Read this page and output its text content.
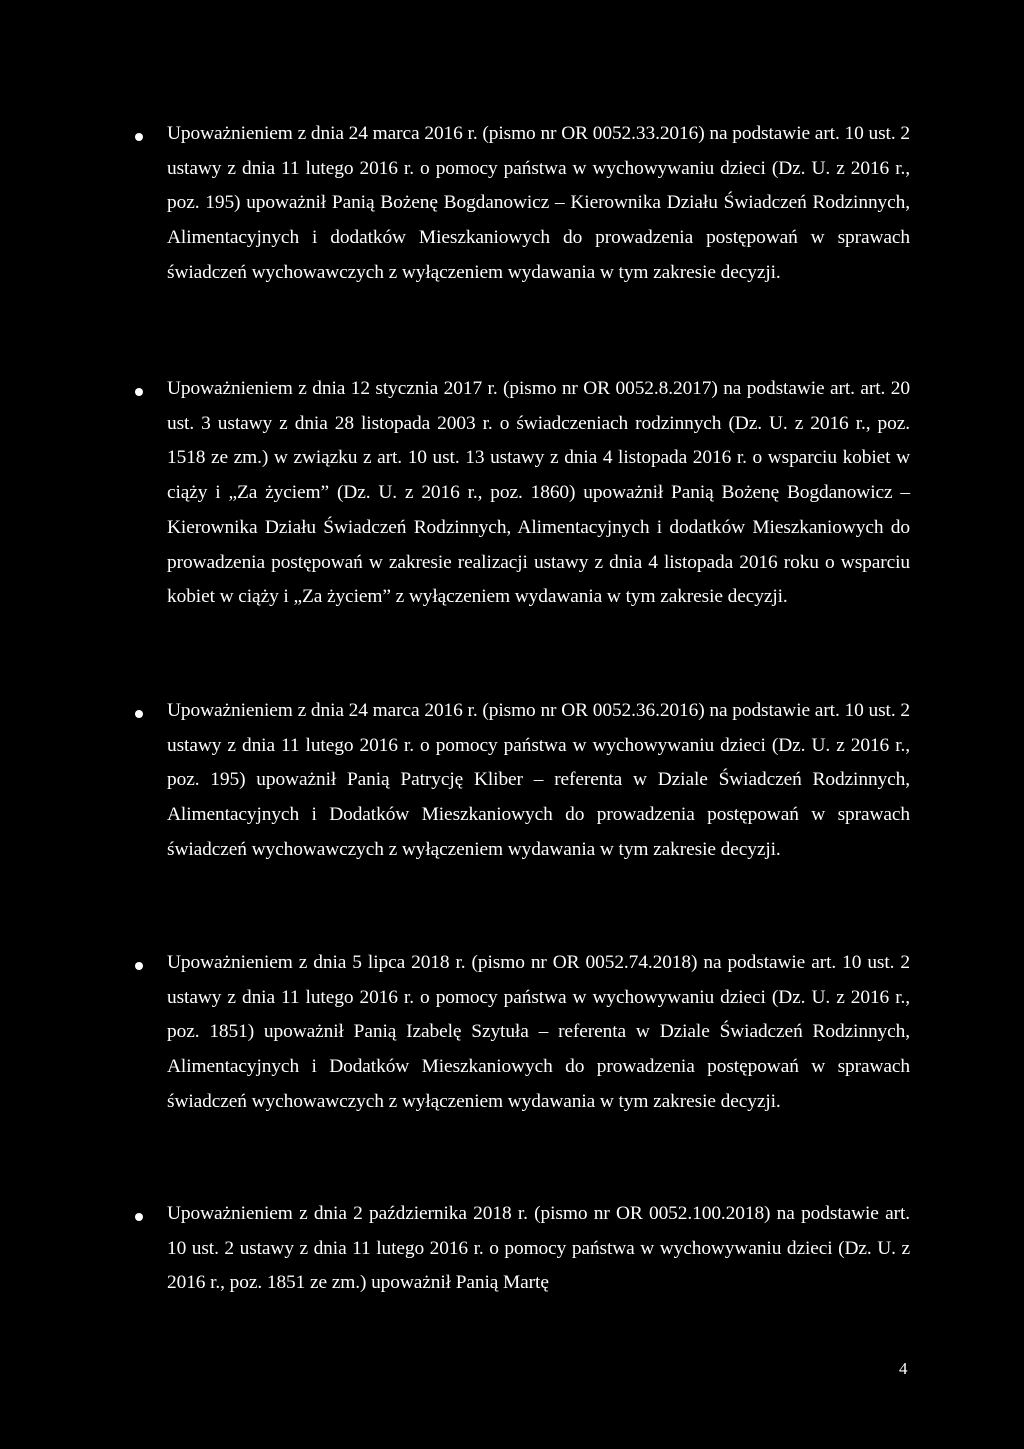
Upoważnieniem z dnia 24 marca 2016 r. (pismo nr OR 0052.33.2016) na podstawie art. 10 ust. 2 ustawy z dnia 11 lutego 2016 r. o pomocy państwa w wychowywaniu dzieci (Dz. U. z 2016 r., poz. 195) upoważnił Panią Bożenę Bogdanowicz – Kierownika Działu Świadczeń Rodzinnych, Alimentacyjnych i dodatków Mieszkaniowych do prowadzenia postępowań w sprawach świadczeń wychowawczych z wyłączeniem wydawania w tym zakresie decyzji.

Upoważnieniem z dnia 12 stycznia 2017 r. (pismo nr OR 0052.8.2017) na podstawie art. art. 20 ust. 3 ustawy z dnia 28 listopada 2003 r. o świadczeniach rodzinnych (Dz. U. z 2016 r., poz. 1518 ze zm.) w związku z art. 10 ust. 13 ustawy z dnia 4 listopada 2016 r. o wsparciu kobiet w ciąży i „Za życiem” (Dz. U. z 2016 r., poz. 1860) upoważnił Panią Bożenę Bogdanowicz – Kierownika Działu Świadczeń Rodzinnych, Alimentacyjnych i dodatków Mieszkaniowych do prowadzenia postępowań w zakresie realizacji ustawy z dnia 4 listopada 2016 roku o wsparciu kobiet w ciąży i „Za życiem” z wyłączeniem wydawania w tym zakresie decyzji.

Upoważnieniem z dnia 24 marca 2016 r. (pismo nr OR 0052.36.2016) na podstawie art. 10 ust. 2 ustawy z dnia 11 lutego 2016 r. o pomocy państwa w wychowywaniu dzieci (Dz. U. z 2016 r., poz. 195) upoważnił Panią Patrycję Kliber – referenta w Dziale Świadczeń Rodzinnych, Alimentacyjnych i Dodatków Mieszkaniowych do prowadzenia postępowań w sprawach świadczeń wychowawczych z wyłączeniem wydawania w tym zakresie decyzji.

Upoważnieniem z dnia 5 lipca 2018 r. (pismo nr OR 0052.74.2018) na podstawie art. 10 ust. 2 ustawy z dnia 11 lutego 2016 r. o pomocy państwa w wychowywaniu dzieci (Dz. U. z 2016 r., poz. 1851) upoważnił Panią Izabelę Szytuła – referenta w Dziale Świadczeń Rodzinnych, Alimentacyjnych i Dodatków Mieszkaniowych do prowadzenia postępowań w sprawach świadczeń wychowawczych z wyłączeniem wydawania w tym zakresie decyzji.

Upoważnieniem z dnia 2 października 2018 r. (pismo nr OR 0052.100.2018) na podstawie art. 10 ust. 2 ustawy z dnia 11 lutego 2016 r. o pomocy państwa w wychowywaniu dzieci (Dz. U. z 2016 r., poz. 1851 ze zm.) upoważnił Panią Martę

4
